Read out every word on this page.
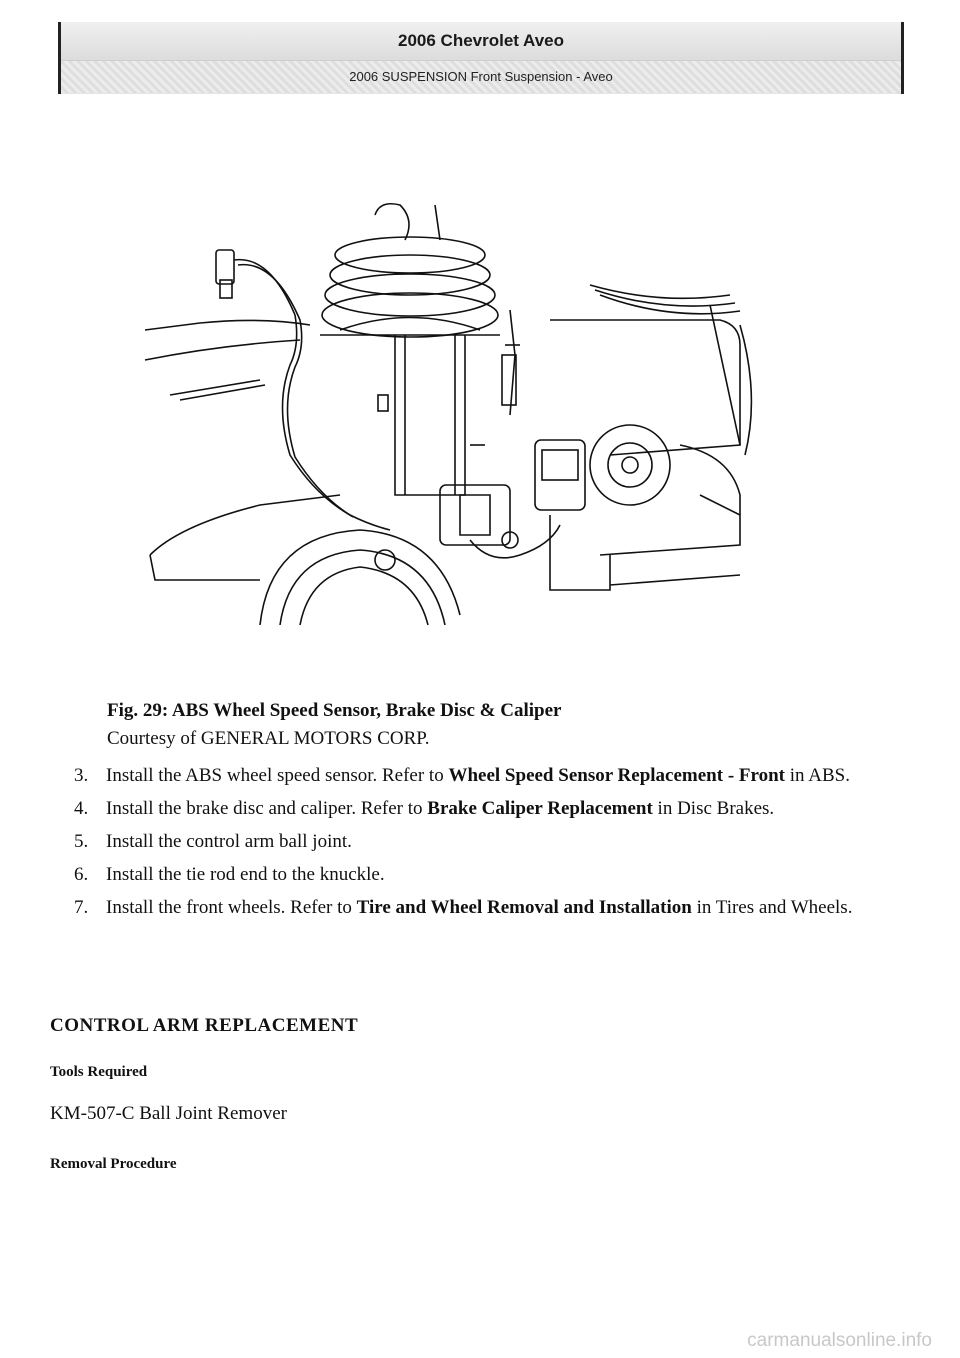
2006 Chevrolet Aveo
2006 SUSPENSION Front Suspension - Aveo
Fig. 29: ABS Wheel Speed Sensor, Brake Disc & Caliper
Courtesy of GENERAL MOTORS CORP.
3. Install the ABS wheel speed sensor. Refer to Wheel Speed Sensor Replacement - Front in ABS.
4. Install the brake disc and caliper. Refer to Brake Caliper Replacement in Disc Brakes.
5. Install the control arm ball joint.
6. Install the tie rod end to the knuckle.
7. Install the front wheels. Refer to Tire and Wheel Removal and Installation in Tires and Wheels.
CONTROL ARM REPLACEMENT
Tools Required
KM-507-C Ball Joint Remover
Removal Procedure
carmanualsonline.info
